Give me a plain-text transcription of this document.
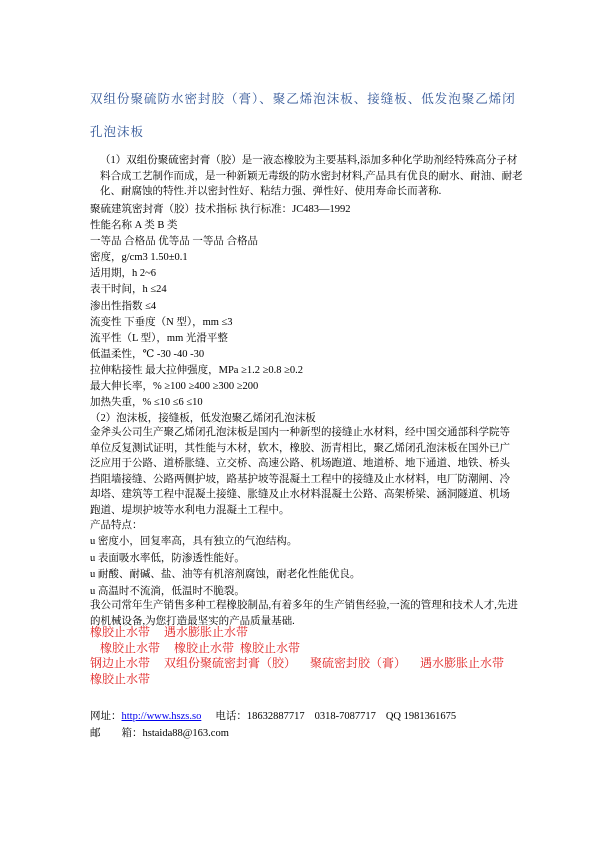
双组份聚硫防水密封胶（膏）、聚乙烯泡沫板、接缝板、低发泡聚乙烯闭孔泡沫板
（1）双组份聚硫密封膏（胶）是一液态橡胶为主要基料,添加多种化学助剂经特殊高分子材料合成工艺制作而成，是一种新颖无毒级的防水密封材料,产品具有优良的耐水、耐油、耐老化、耐腐蚀的特性.并以密封性好、粘结力强、弹性好、使用寿命长而著称.
聚硫建筑密封膏（胶）技术指标 执行标准：JC483—1992
性能名称 A 类 B 类
一等品 合格品 优等品 一等品 合格品
密度，g/cm3 1.50±0.1
适用期，h 2~6
表干时间，h ≤24
渗出性指数 ≤4
流变性 下垂度（N 型），mm ≤3
流平性（L 型），mm 光滑平整
低温柔性，℃ -30 -40 -30
拉伸粘接性 最大拉伸强度，MPa ≥1.2 ≥0.8 ≥0.2
最大伸长率，% ≥100 ≥400 ≥300 ≥200
加热失重，% ≤10 ≤6 ≤10
（2）泡沫板，接缝板，低发泡聚乙烯闭孔泡沫板
金斧头公司生产聚乙烯闭孔泡沫板是国内一种新型的接缝止水材料，经中国交通部科学院等
单位反复测试证明，其性能与木材，软木，橡胶、沥青相比，聚乙烯闭孔泡沫板在国外已广
泛应用于公路、道桥胀缝、立交桥、高速公路、机场跑道、地道桥、地下通道、地铁、桥头
挡阻墙接缝、公路两侧护坡，路基护坡等混凝土工程中的接缝及止水材料，电厂防潮闸、冷
却塔、建筑等工程中混凝土接缝、胀缝及止水材料混凝土公路、高架桥梁、涵洞隧道、机场
跑道、堤坝护坡等水利电力混凝土工程中。
产品特点：
u 密度小，回复率高，具有独立的气泡结构。
u 表面吸水率低，防渗透性能好。
u 耐酸、耐碱、盐、油等有机溶剂腐蚀，耐老化性能优良。
u 高温时不流淌，低温时不脆裂。
我公司常年生产销售多种工程橡胶制品,有着多年的生产销售经验,一流的管理和技术人才,先进的机械设备,为您打造最坚实的产品质量基础.
橡胶止水带 遇水膨胀止水带
橡胶止水带 橡胶止水带 橡胶止水带
钢边止水带 双组份聚硫密封膏（胶） 聚硫密封胶（膏） 遇水膨胀止水带橡胶止水带
网址：http://www.hszs.so 电话：18632887717 0318-7087717 QQ 1981361675
邮        箱：hstaida88@163.com
